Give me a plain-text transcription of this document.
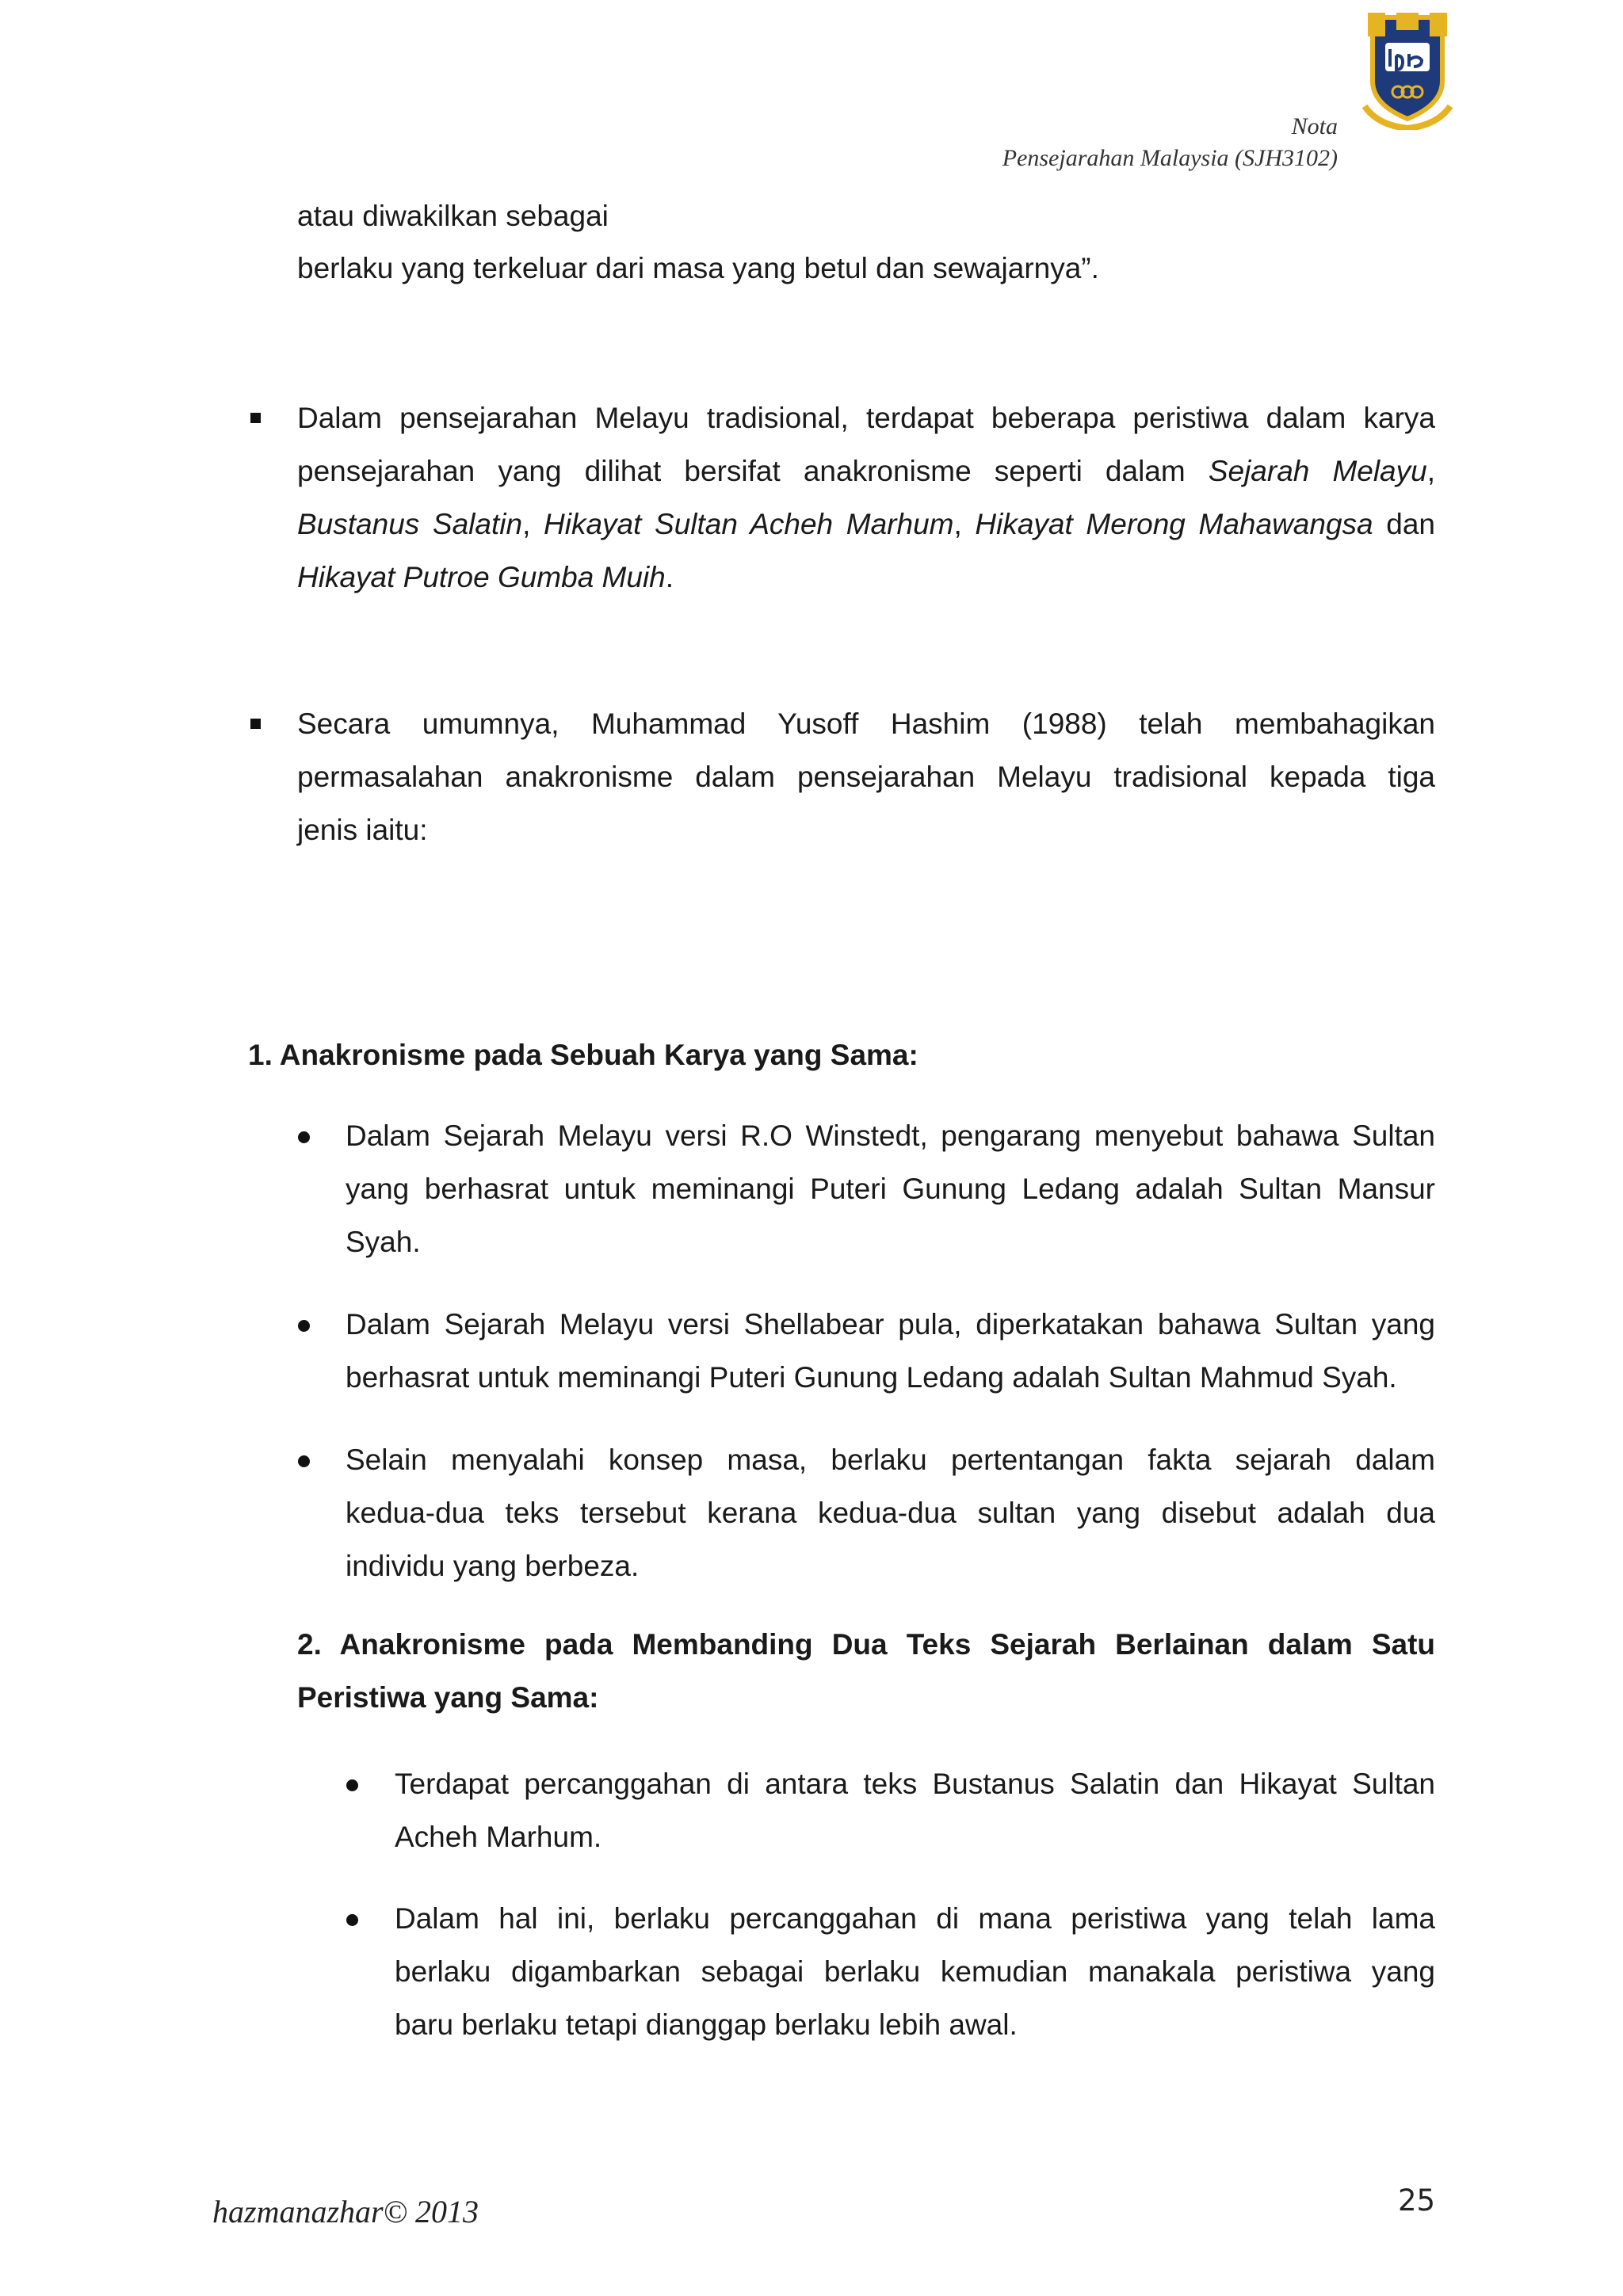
Nota
Pensejarahan Malaysia (SJH3102)
atau diwakilkan sebagai
berlaku yang terkeluar dari masa yang betul dan sewajarnya”.
Dalam pensejarahan Melayu tradisional, terdapat beberapa peristiwa dalam karya
pensejarahan yang dilihat bersifat anakronisme seperti dalam Sejarah Melayu,
Bustanus Salatin, Hikayat Sultan Acheh Marhum, Hikayat Merong Mahawangsa dan
Hikayat Putroe Gumba Muih.
Secara umumnya, Muhammad Yusoff Hashim (1988) telah membahagikan
permasalahan anakronisme dalam pensejarahan Melayu tradisional kepada tiga
jenis iaitu:
1. Anakronisme pada Sebuah Karya yang Sama:
Dalam Sejarah Melayu versi R.O Winstedt, pengarang menyebut bahawa Sultan
yang berhasrat untuk meminangi Puteri Gunung Ledang adalah Sultan Mansur
Syah.
Dalam Sejarah Melayu versi Shellabear pula, diperkatakan bahawa Sultan yang
berhasrat untuk meminangi Puteri Gunung Ledang adalah Sultan Mahmud Syah.
Selain menyalahi konsep masa, berlaku pertentangan fakta sejarah dalam
kedua-dua teks tersebut kerana kedua-dua sultan yang disebut adalah dua
individu yang berbeza.
2. Anakronisme pada Membanding Dua Teks Sejarah Berlainan dalam Satu
Peristiwa yang Sama:
Terdapat percanggahan di antara teks Bustanus Salatin dan Hikayat Sultan
Acheh Marhum.
Dalam hal ini, berlaku percanggahan di mana peristiwa yang telah lama
berlaku digambarkan sebagai berlaku kemudian manakala peristiwa yang
baru berlaku tetapi dianggap berlaku lebih awal.
25
hazmanazhar© 2013
